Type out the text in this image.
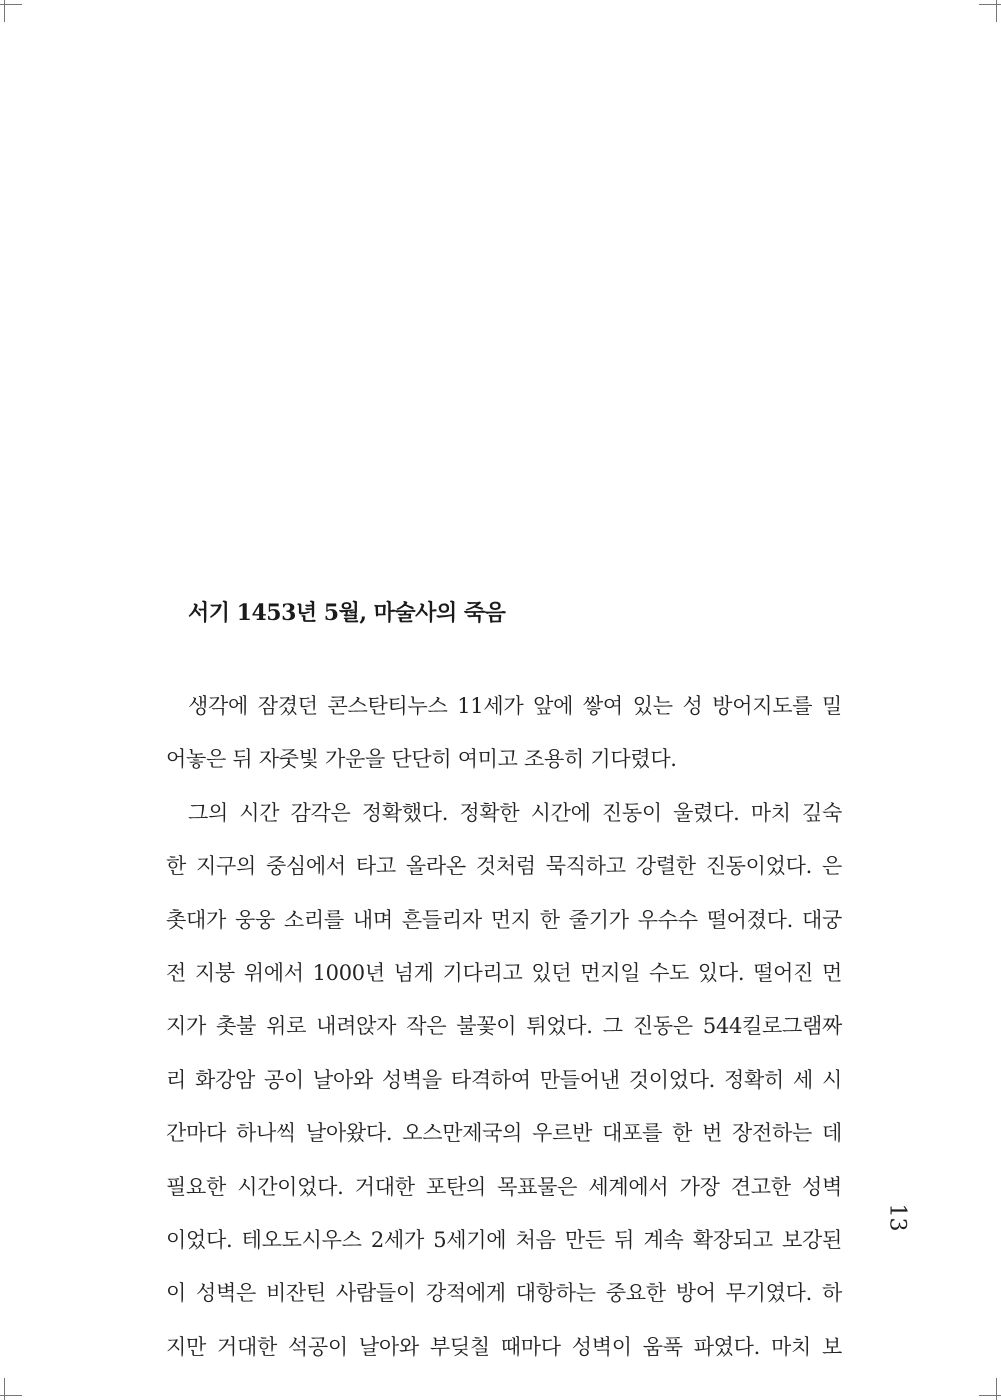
서기 1453년 5월, 마술사의 죽음
생각에 잠겼던 콘스탄티누스 11세가 앞에 쌓여 있는 성 방어지도를 밀
어놓은 뒤 자줏빛 가운을 단단히 여미고 조용히 기다렸다.
그의 시간 감각은 정확했다. 정확한 시간에 진동이 울렸다. 마치 깊숙
한 지구의 중심에서 타고 올라온 것처럼 묵직하고 강렬한 진동이었다. 은
촛대가 웅웅 소리를 내며 흔들리자 먼지 한 줄기가 우수수 떨어졌다. 대궁
전 지붕 위에서 1000년 넘게 기다리고 있던 먼지일 수도 있다. 떨어진 먼
지가 촛불 위로 내려앉자 작은 불꽃이 튀었다. 그 진동은 544킬로그램짜
리 화강암 공이 날아와 성벽을 타격하여 만들어낸 것이었다. 정확히 세 시
간마다 하나씩 날아왔다. 오스만제국의 우르반 대포를 한 번 장전하는 데
필요한 시간이었다. 거대한 포탄의 목표물은 세계에서 가장 견고한 성벽
이었다. 테오도시우스 2세가 5세기에 처음 만든 뒤 계속 확장되고 보강된
이 성벽은 비잔틴 사람들이 강적에게 대항하는 중요한 방어 무기였다. 하
지만 거대한 석공이 날아와 부딪칠 때마다 성벽이 움푹 파였다. 마치 보
13
